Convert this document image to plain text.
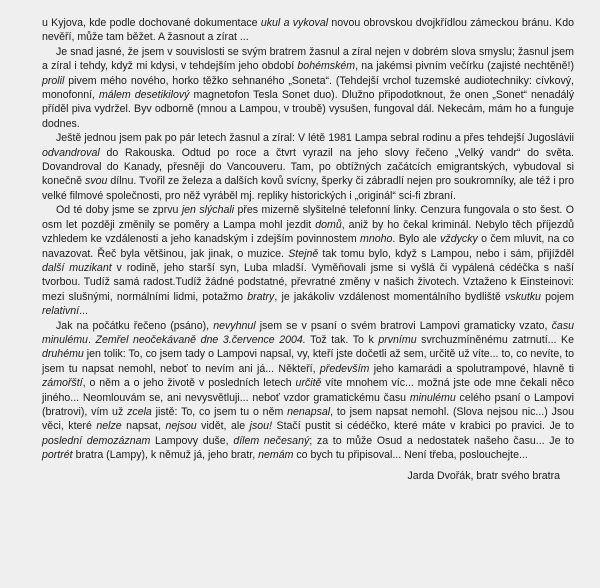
u Kyjova, kde podle dochované dokumentace ukul a vykoval novou obrovskou dvojkřídlou zámeckou bránu. Kdo nevěří, může tam běžet. A žasnout a zírat ...

Je snad jasné, že jsem v souvislosti se svým bratrem žasnul a zíral nejen v dobrém slova smyslu; žasnul jsem a zíral i tehdy, když mi kdysi, v tehdejším jeho období bohémském, na jakémsi pivním večírku (zajisté nechtěně!) prolil pivem mého nového, horko těžko sehnaného „Soneta“. (Tehdejší vrchol tuzemské audiotechniky: cívkový, monofonní, málem desetikilový magnetofon Tesla Sonet duo). Dlužno připodotknout, že onen „Sonet“ nenadálý příděl piva vydržel. Byv odborně (mnou a Lampou, v troubě) vysušen, fungoval dál. Nekecám, mám ho a funguje dodnes.

Ještě jednou jsem pak po pár letech žasnul a zíral: V létě 1981 Lampa sebral rodinu a přes tehdejší Jugoslávii odvandroval do Rakouska. Odtud po roce a čtvrt vyrazil na jeho slovy řečeno „Velký vandr“ do světa. Dovandroval do Kanady, přesněji do Vancouveru. Tam, po obtížných začátcích emigrantských, vybudoval si konečně svou dílnu. Tvořil ze železa a dalších kovů svícny, šperky či zábradlí nejen pro soukromníky, ale též i pro velké filmové společnosti, pro něž vyráběl mj. repliky historických i „originál“ sci-fi zbraní.

Od té doby jsme se zprvu jen slýchali přes mizerně slyšitelné telefonní linky. Cenzura fungovala o sto šest. O osm let později změnily se poměry a Lampa mohl jezdit domů, aniž by ho čekal kriminál. Nebylo těch příjezdů vzhledem ke vzdálenosti a jeho kanadským i zdejším povinnostem mnoho. Bylo ale vždycky o čem mluvit, na co navazovat. Řeč byla většinou, jak jinak, o muzice. Stejně tak tomu bylo, když s Lampou, nebo i sám, přijížděl další muzikant v rodině, jeho starší syn, Luba mladší. Vyměňovali jsme si vyšlá či vypálená cédéčka s naší tvorbou. Tudíž samá radost.Tudíž žádné podstatné, převratné změny v našich životech. Vztaženo k Einsteinovi: mezi slušnými, normálními lidmi, potažmo bratry, je jakákoliv vzdálenost momentálního bydliště vskutku pojem relativní...

Jak na počátku řečeno (psáno), nevyhnul jsem se v psaní o svém bratrovi Lampovi gramaticky vzato, času minulému. Zemřel neočekávaně dne 3.července 2004. Tož tak. To k prvnímu svrchuzmíněnému zatrnutí... Ke druhému jen tolik: To, co jsem tady o Lampovi napsal, vy, kteří jste dočetli až sem, určitě už víte... to, co nevíte, to jsem tu napsat nemohl, neboť to nevím ani já... Někteří, především jeho kamarádi a spolutrampové, hlavně ti zámořští, o něm a o jeho životě v posledních letech určitě víte mnohem víc... možná jste ode mne čekali něco jiného... Neomlouvám se, ani nevysvětluji... neboť vzdor gramatickému času minulému celého psaní o Lampovi (bratrovi), vím už zcela jistě: To, co jsem tu o něm nenapsal, to jsem napsat nemohl. (Slova nejsou nic...) Jsou věci, které nelze napsat, nejsou vidět, ale jsou! Stačí pustit si cédéčko, které máte v krabici po pravici. Je to poslední demozáznam Lampovy duše, dílem nečesaný; za to může Osud a nedostatek našeho času... Je to portrét bratra (Lampy), k němuž já, jeho bratr, nemám co bych tu připisoval... Není třeba, poslouchejte...

Jarda Dvořák, bratr svého bratra
